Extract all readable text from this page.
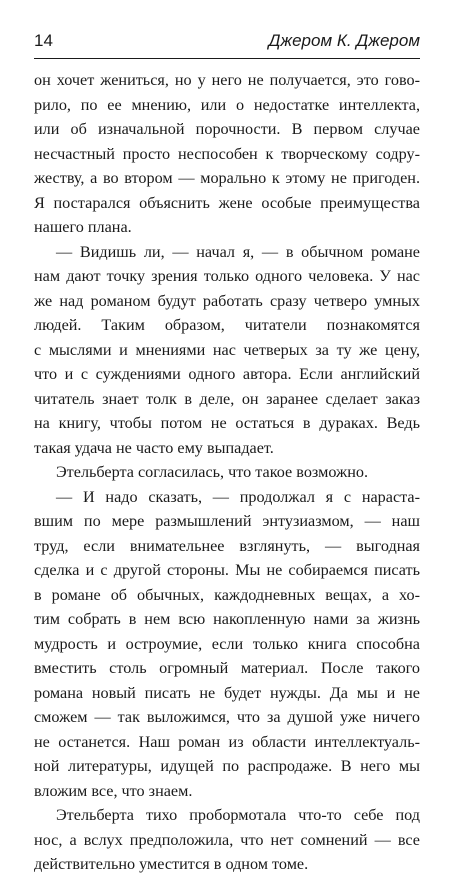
14	Джером К. Джером
он хочет жениться, но у него не получается, это гово-
рило, по ее мнению, или о недостатке интеллекта,
или об изначальной порочности. В первом случае
несчастный просто неспособен к творческому содру-
жеству, а во втором — морально к этому не пригоден.
Я постарался объяснить жене особые преимущества
нашего плана.
— Видишь ли, — начал я, — в обычном романе
нам дают точку зрения только одного человека. У нас
же над романом будут работать сразу четверо умных
людей. Таким образом, читатели познакомятся
с мыслями и мнениями нас четверых за ту же цену,
что и с суждениями одного автора. Если английский
читатель знает толк в деле, он заранее сделает заказ
на книгу, чтобы потом не остаться в дураках. Ведь
такая удача не часто ему выпадает.
Этельберта согласилась, что такое возможно.
— И надо сказать, — продолжал я с нараста-
вшим по мере размышлений энтузиазмом, — наш
труд, если внимательнее взглянуть, — выгодная
сделка и с другой стороны. Мы не собираемся писать
в романе об обычных, каждодневных вещах, а хо-
тим собрать в нем всю накопленную нами за жизнь
мудрость и остроумие, если только книга способна
вместить столь огромный материал. После такого
романа новый писать не будет нужды. Да мы и не
сможем — так выложимся, что за душой уже ничего
не останется. Наш роман из области интеллектуаль-
ной литературы, идущей по распродаже. В него мы
вложим все, что знаем.
Этельберта тихо пробормотала что-то себе под
нос, а вслух предположила, что нет сомнений — все
действительно уместится в одном томе.
